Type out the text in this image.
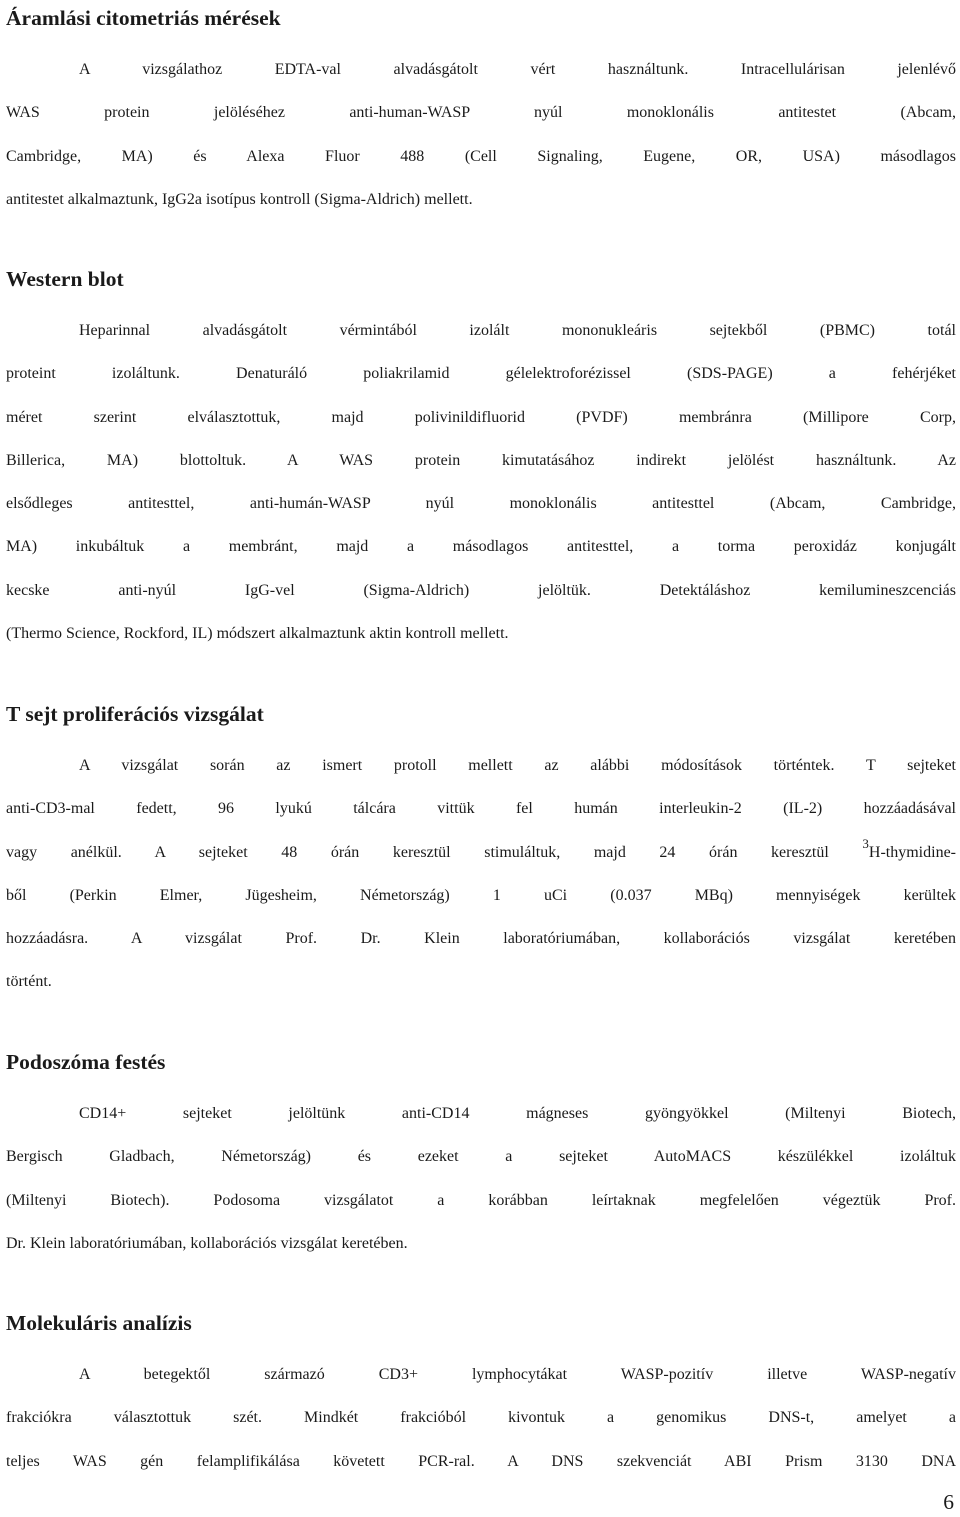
Áramlási citometriás mérések
A vizsgálathoz EDTA-val alvadásgátolt vért használtunk. Intracellulárisan jelenlévő
WAS protein jelöléséhez anti-human-WASP nyúl monoklonális antitestet (Abcam,
Cambridge, MA) és Alexa Fluor 488 (Cell Signaling, Eugene, OR, USA) másodlagos
antitestet alkalmaztunk, IgG2a isotípus kontroll (Sigma-Aldrich) mellett.
Western blot
Heparinnal alvadásgátolt vérmintából izolált mononukleáris sejtekből (PBMC) totál
proteint izoláltunk. Denaturáló poliakrilamid gélelektroforézissel (SDS-PAGE) a fehérjéket
méret szerint elválasztottuk, majd polivinildifluorid (PVDF) membránra (Millipore Corp,
Billerica, MA) blottoltuk. A WAS protein kimutatásához indirekt jelölést használtunk. Az
elsődleges antitesttel, anti-humán-WASP nyúl monoklonális antitesttel (Abcam, Cambridge,
MA) inkubáltuk a membránt, majd a másodlagos antitesttel, a torma peroxidáz konjugált
kecske anti-nyúl IgG-vel (Sigma-Aldrich) jelöltük. Detektáláshoz kemilumineszcenciás
(Thermo Science, Rockford, IL) módszert alkalmaztunk aktin kontroll mellett.
T sejt proliferációs vizsgálat
A vizsgálat során az ismert protoll mellett az alábbi módosítások történtek. T sejteket
anti-CD3-mal fedett, 96 lyukú tálcára vittük fel humán interleukin-2 (IL-2) hozzáadásával
vagy anélkül. A sejteket 48 órán keresztül stimuláltuk, majd 24 órán keresztül $^3$H-thymidine-
ből (Perkin Elmer, Jügesheim, Németország) 1 uCi (0.037 MBq) mennyiségek kerültek
hozzáadásra. A vizsgálat Prof. Dr. Klein laboratóriumában, kollaborációs vizsgálat keretében
történt.
Podoszóma festés
CD14+ sejteket jelöltünk anti-CD14 mágneses gyöngyökkel (Miltenyi Biotech,
Bergisch Gladbach, Németország) és ezeket a sejteket AutoMACS készülékkel izoláltuk
(Miltenyi Biotech). Podosoma vizsgálatot a korábban leírtaknak megfelelően végeztük Prof.
Dr. Klein laboratóriumában, kollaborációs vizsgálat keretében.
Molekuláris analízis
A betegektől származó CD3+ lymphocytákat WASP-pozitív illetve WASP-negatív
frakciókra választottuk szét. Mindkét frakcióból kivontuk a genomikus DNS-t, amelyet a
teljes WAS gén felamplifikálása követett PCR-ral. A DNS szekvenciát ABI Prism 3130 DNA
6
